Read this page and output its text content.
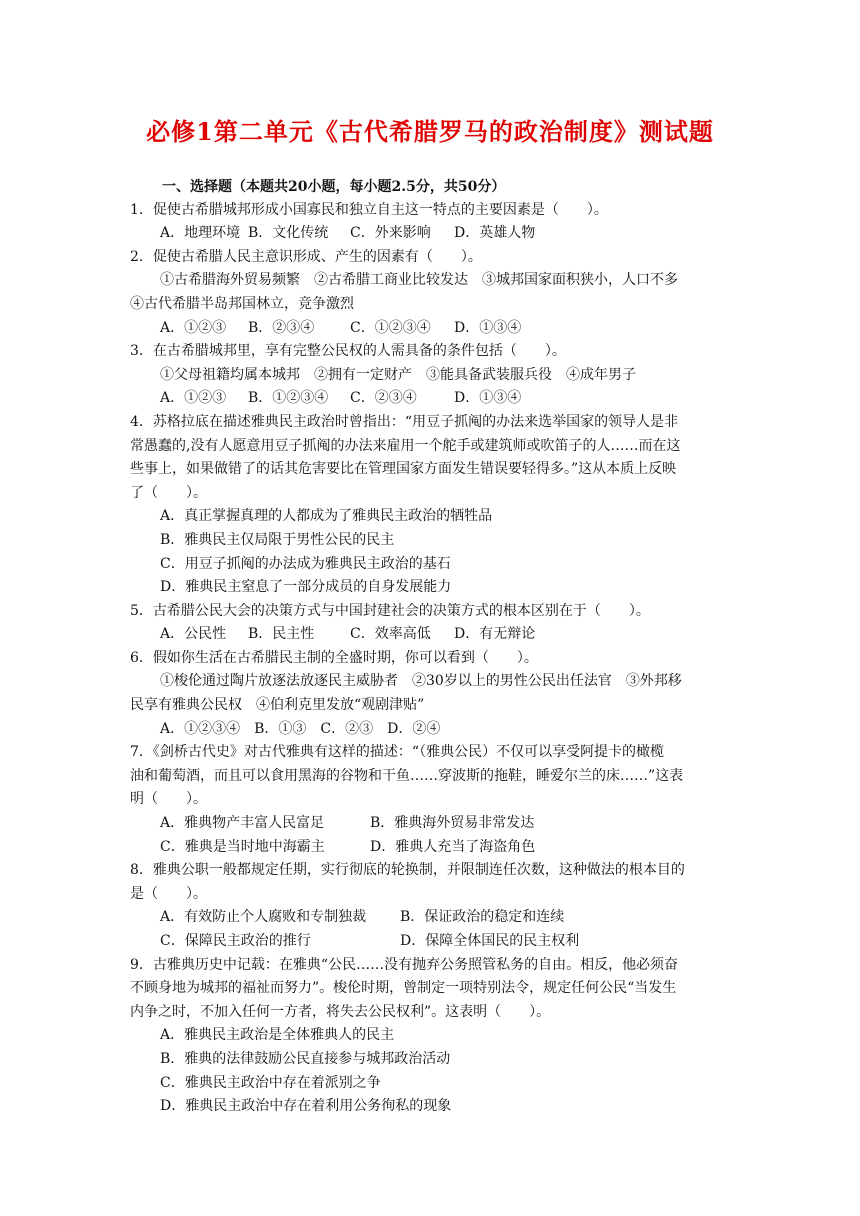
必修1第二单元《古代希腊罗马的政治制度》测试题
一、选择题（本题共20小题，每小题2.5分，共50分）
1．促使古希腊城邦形成小国寡民和独立自主这一特点的主要因素是（　　）。
A．地理环境 B．文化传统 C．外来影响 D．英雄人物
2．促使古希腊人民主意识形成、产生的因素有（　　）。
①古希腊海外贸易频繁　②古希腊工商业比较发达　③城邦国家面积狭小，人口不多
④古代希腊半岛邦国林立，竞争激烈
A．①②③ B．②③④	C．①②③④ D．①③④
3．在古希腊城邦里，享有完整公民权的人需具备的条件包括（　　）。
①父母祖籍均属本城邦　②拥有一定财产　③能具备武装服兵役　④成年男子
A．①②③ B．①②③④ C．②③④	D．①③④
4．苏格拉底在描述雅典民主政治时曾指出：“用豆子抓阄的办法来选举国家的领导人是非
常愚蠢的,没有人愿意用豆子抓阄的办法来雇用一个舵手或建筑师或吹笛子的人……而在这
些事上，如果做错了的话其危害要比在管理国家方面发生错误要轻得多。”这从本质上反映
了（　　）。
A．真正掌握真理的人都成为了雅典民主政治的牺牲品
B．雅典民主仅局限于男性公民的民主
C．用豆子抓阄的办法成为雅典民主政治的基石
D．雅典民主窒息了一部分成员的自身发展能力
5．古希腊公民大会的决策方式与中国封建社会的决策方式的根本区别在于（　　）。
A．公民性 B．民主性	C．效率高低 D．有无辩论
6．假如你生活在古希腊民主制的全盛时期，你可以看到（　　）。
①梭伦通过陶片放逐法放逐民主威胁者　②30岁以上的男性公民出任法官　③外邦移
民享有雅典公民权　④伯利克里发放“观剧津贴”
A．①②③④　B．①③　C．②③　D．②④
7．《剑桥古代史》对古代雅典有这样的描述：“（雅典公民）不仅可以享受阿提卡的橄榄
油和葡萄酒，而且可以食用黑海的谷物和干鱼……穿波斯的拖鞋，睡爱尔兰的床……”这表
明（　　）。
A．雅典物产丰富人民富足	B．雅典海外贸易非常发达
C．雅典是当时地中海霸主	D．雅典人充当了海盗角色
8．雅典公职一般都规定任期，实行彻底的轮换制，并限制连任次数，这种做法的根本目的
是（　　）。
A．有效防止个人腐败和专制独裁 B．保证政治的稳定和连续
C．保障民主政治的推行	D．保障全体国民的民主权利
9．古雅典历史中记载：在雅典“公民……没有抛弃公务照管私务的自由。相反，他必须奋
不顾身地为城邦的福祉而努力”。梭伦时期，曾制定一项特别法令，规定任何公民“当发生
内争之时，不加入任何一方者，将失去公民权利”。这表明（　　）。
A．雅典民主政治是全体雅典人的民主
B．雅典的法律鼓励公民直接参与城邦政治活动
C．雅典民主政治中存在着派别之争
D．雅典民主政治中存在着利用公务徇私的现象
